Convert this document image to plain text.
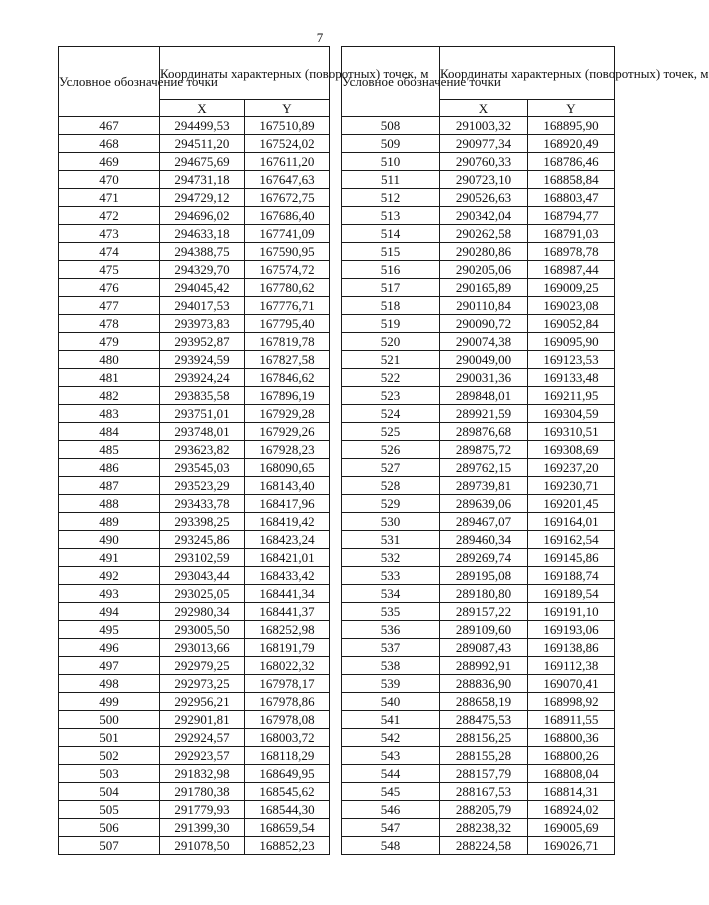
7
Условное обозначение точки	Координаты характерных (поворотных) точек, м	
	X	Y
467	294499,53	167510,89
468	294511,20	167524,02
469	294675,69	167611,20
470	294731,18	167647,63
471	294729,12	167672,75
472	294696,02	167686,40
473	294633,18	167741,09
474	294388,75	167590,95
475	294329,70	167574,72
476	294045,42	167780,62
477	294017,53	167776,71
478	293973,83	167795,40
479	293952,87	167819,78
480	293924,59	167827,58
481	293924,24	167846,62
482	293835,58	167896,19
483	293751,01	167929,28
484	293748,01	167929,26
485	293623,82	167928,23
486	293545,03	168090,65
487	293523,29	168143,40
488	293433,78	168417,96
489	293398,25	168419,42
490	293245,86	168423,24
491	293102,59	168421,01
492	293043,44	168433,42
493	293025,05	168441,34
494	292980,34	168441,37
495	293005,50	168252,98
496	293013,66	168191,79
497	292979,25	168022,32
498	292973,25	167978,17
499	292956,21	167978,86
500	292901,81	167978,08
501	292924,57	168003,72
502	292923,57	168118,29
503	291832,98	168649,95
504	291780,38	168545,62
505	291779,93	168544,30
506	291399,30	168659,54
507	291078,50	168852,23
Условное обозначение точки	Координаты характерных (поворотных) точек, м	
	X	Y
508	291003,32	168895,90
509	290977,34	168920,49
510	290760,33	168786,46
511	290723,10	168858,84
512	290526,63	168803,47
513	290342,04	168794,77
514	290262,58	168791,03
515	290280,86	168978,78
516	290205,06	168987,44
517	290165,89	169009,25
518	290110,84	169023,08
519	290090,72	169052,84
520	290074,38	169095,90
521	290049,00	169123,53
522	290031,36	169133,48
523	289848,01	169211,95
524	289921,59	169304,59
525	289876,68	169310,51
526	289875,72	169308,69
527	289762,15	169237,20
528	289739,81	169230,71
529	289639,06	169201,45
530	289467,07	169164,01
531	289460,34	169162,54
532	289269,74	169145,86
533	289195,08	169188,74
534	289180,80	169189,54
535	289157,22	169191,10
536	289109,60	169193,06
537	289087,43	169138,86
538	288992,91	169112,38
539	288836,90	169070,41
540	288658,19	168998,92
541	288475,53	168911,55
542	288156,25	168800,36
543	288155,28	168800,26
544	288157,79	168808,04
545	288167,53	168814,31
546	288205,79	168924,02
547	288238,32	169005,69
548	288224,58	169026,71
